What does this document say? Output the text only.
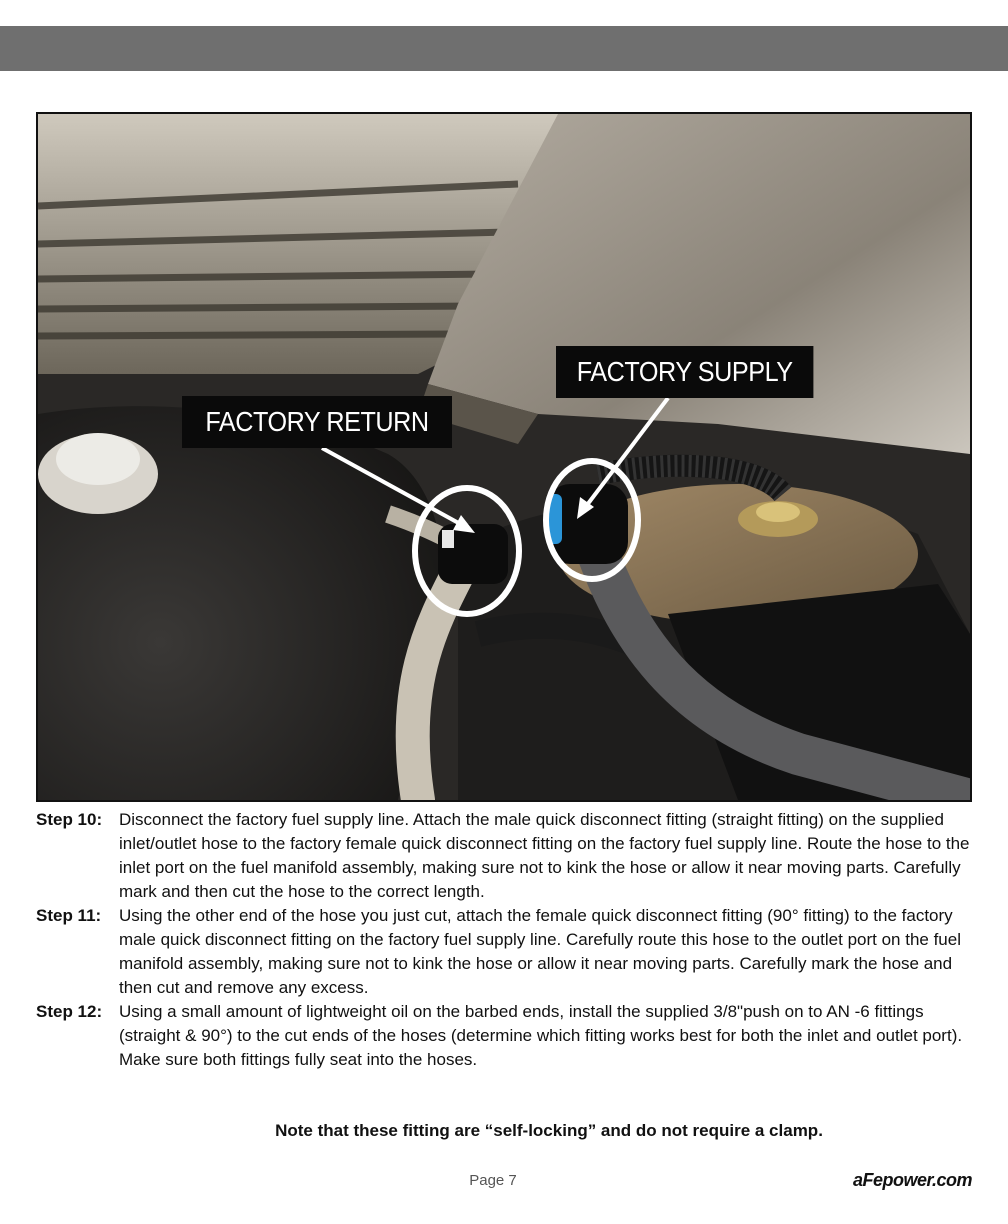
FACTORY RETURN
FACTORY SUPPLY
Step 10: Disconnect the factory fuel supply line. Attach the male quick disconnect fitting (straight fitting) on the supplied inlet/outlet hose to the factory female quick disconnect fitting on the factory fuel supply line. Route the hose to the inlet port on the fuel manifold assembly, making sure not to kink the hose or allow it near moving parts. Carefully mark and then cut the hose to the correct length.
Step 11:	Using the other end of the hose you just cut, attach the female quick disconnect fitting (90° fitting) to the factory male quick disconnect fitting on the factory fuel supply line. Carefully route this hose to the outlet port on the fuel manifold assembly, making sure not to kink the hose or allow it near moving parts. Carefully mark the hose and then cut and remove any excess.
Step 12: Using a small amount of lightweight oil on the barbed ends, install the supplied 3/8"push on to AN -6 fittings (straight & 90°) to the cut ends of the hoses (determine which fitting works best for both the inlet and outlet port). Make sure both fittings fully seat into the hoses.
Note that these fitting are “self-locking” and do not require a clamp.
Page 7	aFepower.com
